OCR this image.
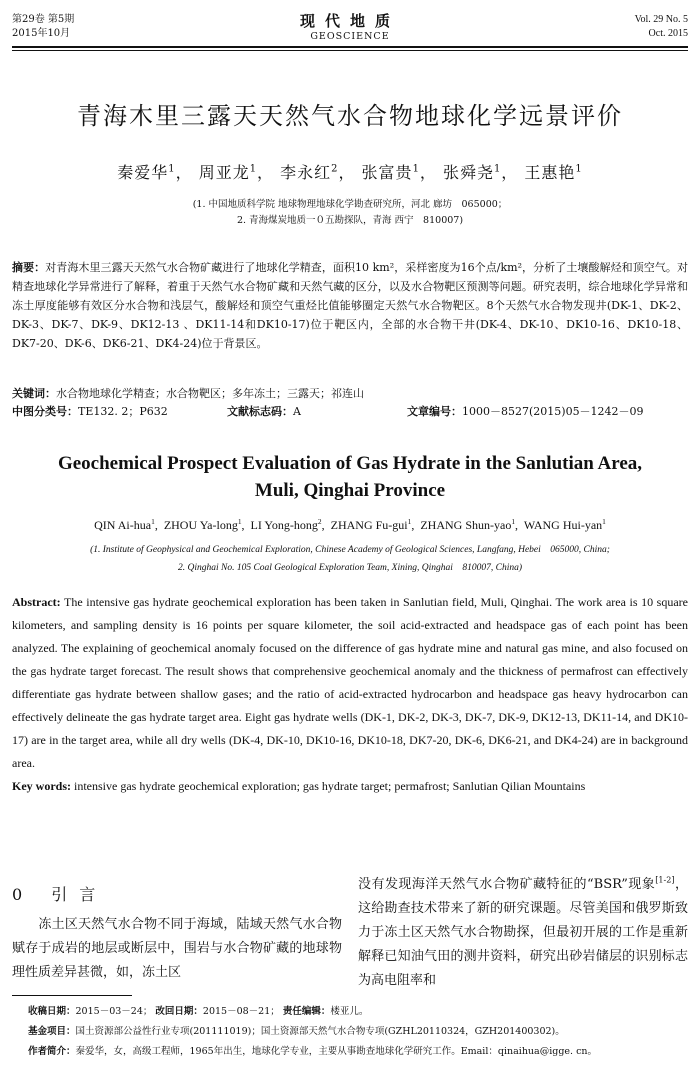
第29卷 第5期
2015年10月
现代地质
GEOSCIENCE
Vol. 29 No. 5
Oct. 2015
青海木里三露天天然气水合物地球化学远景评价
秦爱华$^1$， 周亚龙$^1$， 李永红$^2$， 张富贵$^1$， 张舜尧$^1$， 王惠艳$^1$
(1. 中国地质科学院 地球物理地球化学勘查研究所，河北 廊坊　065000；
2. 青海煤炭地质一０五勘探队，青海 西宁　810007)
摘要：对青海木里三露天天然气水合物矿藏进行了地球化学精查，面积10 km²，采样密度为16个点/km²，分析了土壤酸解烃和顶空气。对精查地球化学异常进行了解释，着重于天然气水合物矿藏和天然气藏的区分，以及水合物靶区预测等问题。研究表明，综合地球化学异常和冻土厚度能够有效区分水合物和浅层气，酸解烃和顶空气重烃比值能够圈定天然气水合物靶区。8个天然气水合物发现井(DK-1、DK-2、DK-3、DK-7、DK-9、DK12-13 、DK11-14和DK10-17)位于靶区内，全部的水合物干井(DK-4、DK-10、DK10-16、DK10-18、DK7-20、DK-6、DK6-21、DK4-24)位于背景区。
关键词：水合物地球化学精查；水合物靶区；多年冻土；三露天；祁连山
中图分类号：TE132. 2；P632	文献标志码：A	文章编号：1000－8527(2015)05－1242－09
Geochemical Prospect Evaluation of Gas Hydrate in the Sanlutian Area,
Muli, Qinghai Province
QIN Ai-hua$^1$,  ZHOU Ya-long$^1$,  LI Yong-hong$^2$,  ZHANG Fu-gui$^1$,  ZHANG Shun-yao$^1$,  WANG Hui-yan$^1$
(1. Institute of Geophysical and Geochemical Exploration, Chinese Academy of Geological Sciences, Langfang, Hebei　065000, China;
2. Qinghai No. 105 Coal Geological Exploration Team, Xining, Qinghai　810007, China)
Abstract: The intensive gas hydrate geochemical exploration has been taken in Sanlutian field, Muli, Qinghai. The work area is 10 square kilometers, and sampling density is 16 points per square kilometer, the soil acid-extracted and headspace gas of each point has been analyzed. The explaining of geochemical anomaly focused on the difference of gas hydrate mine and natural gas mine, and also focused on the gas hydrate target forecast. The result shows that comprehensive geochemical anomaly and the thickness of permafrost can effectively differentiate gas hydrate between shallow gases; and the ratio of acid-extracted hydrocarbon and headspace gas heavy hydrocarbon can effectively delineate the gas hydrate target area. Eight gas hydrate wells (DK-1, DK-2, DK-3, DK-7, DK-9, DK12-13, DK11-14, and DK10-17) are in the target area, while all dry wells (DK-4, DK-10, DK10-16, DK10-18, DK7-20, DK-6, DK6-21, and DK4-24) are in background area.
Key words: intensive gas hydrate geochemical exploration; gas hydrate target; permafrost; Sanlutian Qilian Mountains
0 引言

　　冻土区天然气水合物不同于海域，陆域天然气水合物赋存于成岩的地层或断层中，围岩与水合物矿藏的地球物理性质差异甚微，如，冻土区

没有发现海洋天然气水合物矿藏特征的“BSR”现象[1-2]，这给勘查技术带来了新的研究课题。尽管美国和俄罗斯致力于冻土区天然气水合物勘探，但最初开展的工作是重新解释已知油气田的测井资料，研究出砂岩储层的识别标志为高电阻率和

收稿日期：2015－03－24； 改回日期：2015－08－21； 责任编辑：楼亚儿。
基金项目：国土资源部公益性行业专项(201111019)；国土资源部天然气水合物专项(GZHL20110324，GZH201400302)。
作者简介：秦爱华，女，高级工程师，1965年出生，地球化学专业，主要从事勘查地球化学研究工作。Email：qinaihua@igge. cn。
